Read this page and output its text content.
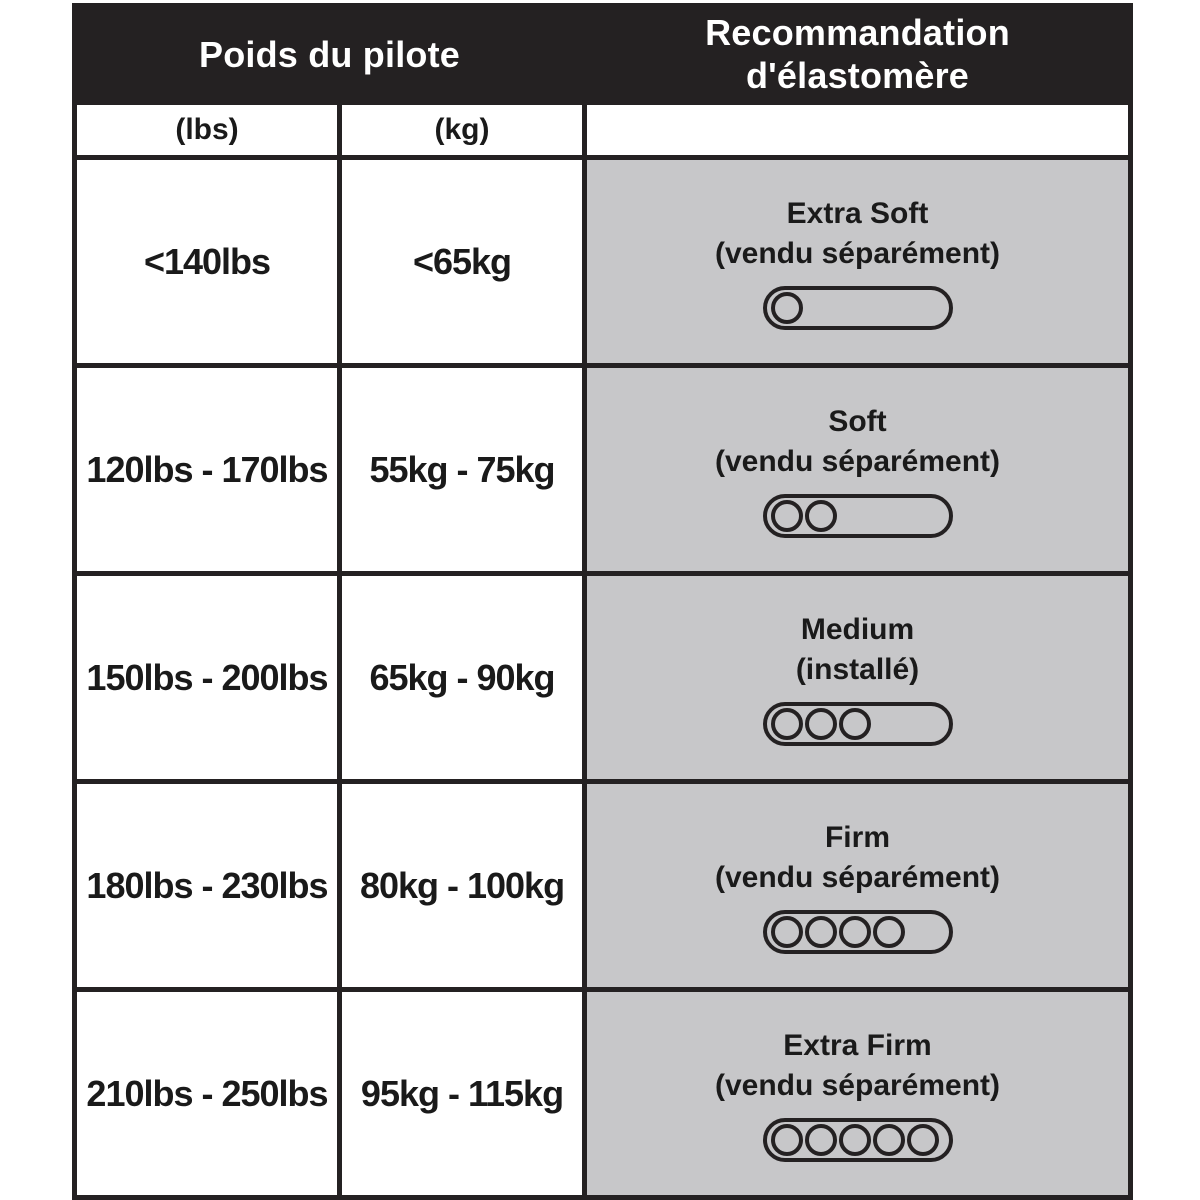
Poids du pilote		Recommandation
d'élastomère

(lbs)	(kg)	
<140lbs	<65kg	Extra Soft
(vendu séparément)

120lbs - 170lbs	55kg - 75kg	Soft
(vendu séparément)

150lbs - 200lbs	65kg - 90kg	Medium
(installé)

180lbs - 230lbs	80kg - 100kg	Firm
(vendu séparément)

210lbs - 250lbs	95kg - 115kg	Extra Firm
(vendu séparément)
